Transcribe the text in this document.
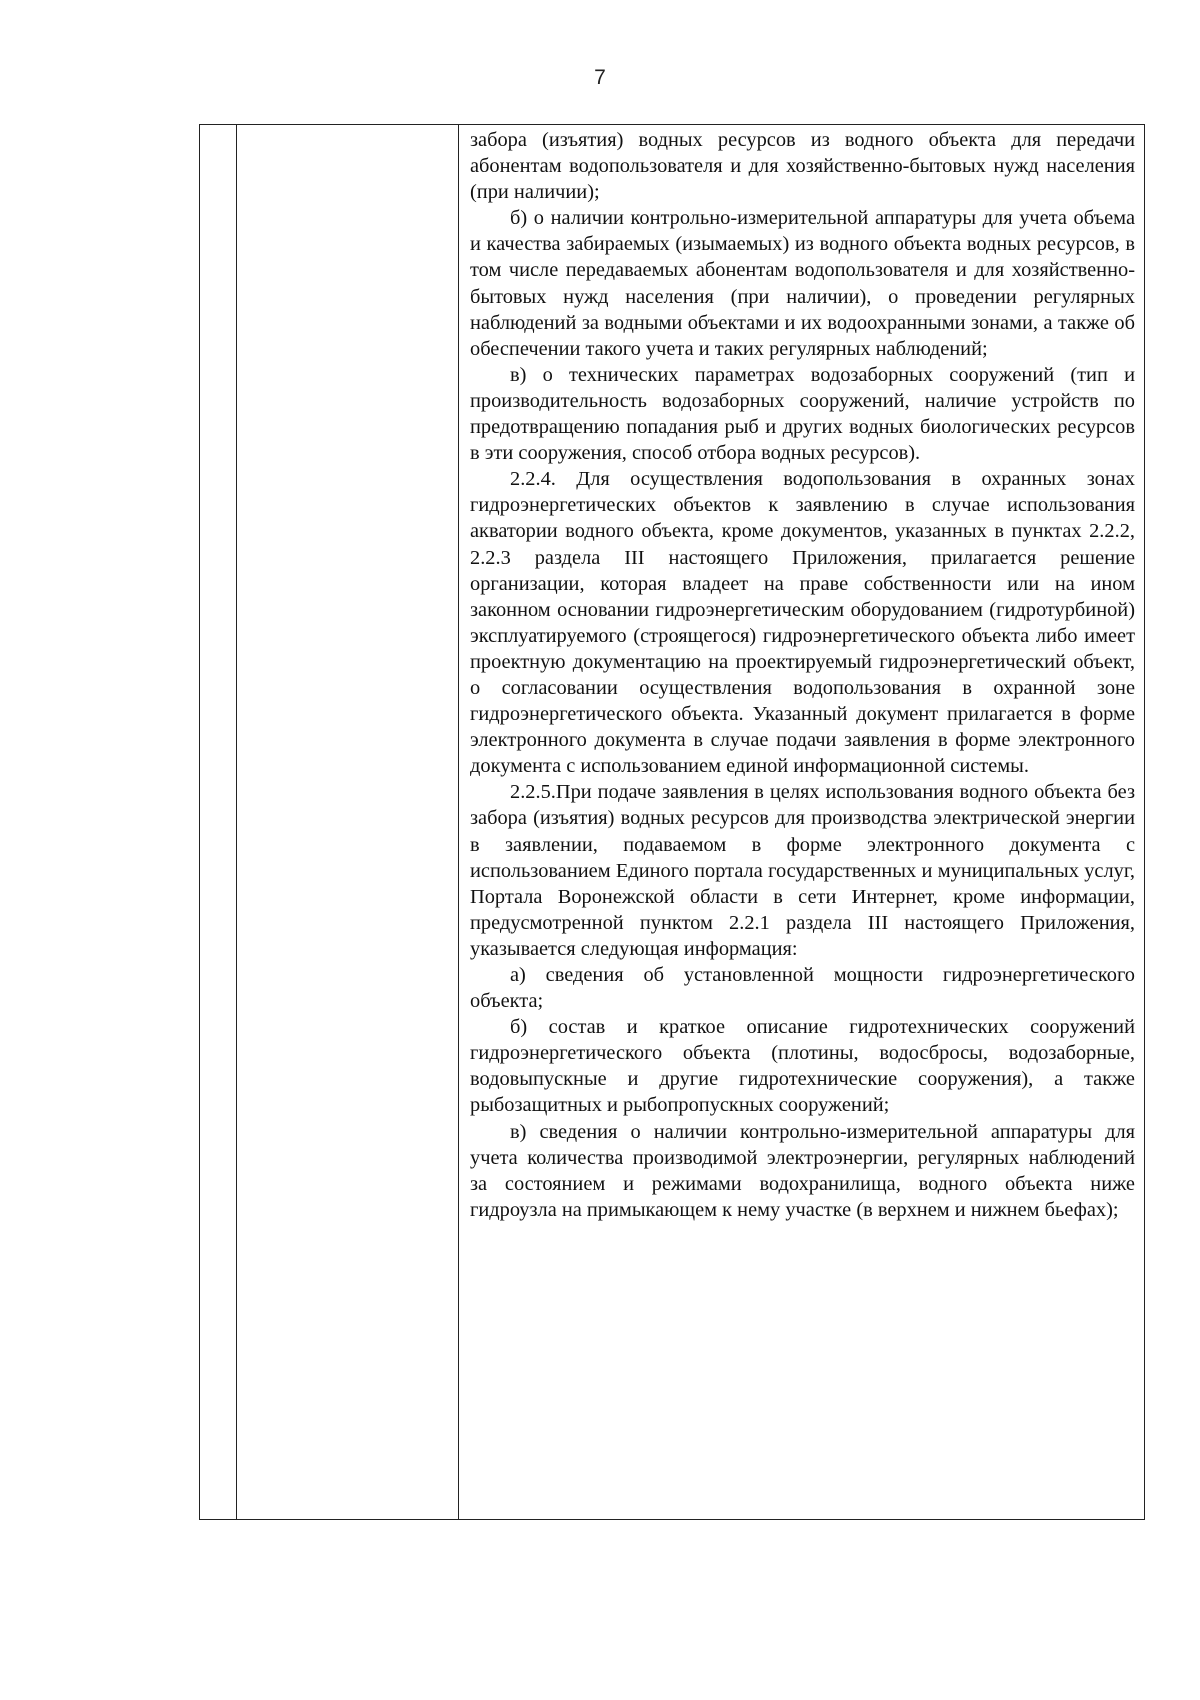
7

забора (изъятия) водных ресурсов из водного объекта для передачи абонентам водопользователя и для хозяйственно-бытовых нужд населения (при наличии);

б) о наличии контрольно-измерительной аппаратуры для учета объема и качества забираемых (изымаемых) из водного объекта водных ресурсов, в том числе передаваемых абонентам водопользователя и для хозяйственно-бытовых нужд населения (при наличии), о проведении регулярных наблюдений за водными объектами и их водоохранными зонами, а также об обеспечении такого учета и таких регулярных наблюдений;

в) о технических параметрах водозаборных сооружений (тип и производительность водозаборных сооружений, наличие устройств по предотвращению попадания рыб и других водных биологических ресурсов в эти сооружения, способ отбора водных ресурсов).

2.2.4. Для осуществления водопользования в охранных зонах гидроэнергетических объектов к заявлению в случае использования акватории водного объекта, кроме документов, указанных в пунктах 2.2.2, 2.2.3 раздела III настоящего Приложения, прилагается решение организации, которая владеет на праве собственности или на ином законном основании гидроэнергетическим оборудованием (гидротурбиной) эксплуатируемого (строящегося) гидроэнергетического объекта либо имеет проектную документацию на проектируемый гидроэнергетический объект, о согласовании осуществления водопользования в охранной зоне гидроэнергетического объекта. Указанный документ прилагается в форме электронного документа в случае подачи заявления в форме электронного документа с использованием единой информационной системы.

2.2.5.При подаче заявления в целях использования водного объекта без забора (изъятия) водных ресурсов для производства электрической энергии в заявлении, подаваемом в форме электронного документа с использованием Единого портала государственных и муниципальных услуг, Портала Воронежской области в сети Интернет, кроме информации, предусмотренной пунктом 2.2.1 раздела III настоящего Приложения, указывается следующая информация:

а) сведения об установленной мощности гидроэнергетического объекта;

б) состав и краткое описание гидротехнических сооружений гидроэнергетического объекта (плотины, водосбросы, водозаборные, водовыпускные и другие гидротехнические сооружения), а также рыбозащитных и рыбопропускных сооружений;

в) сведения о наличии контрольно-измерительной аппаратуры для учета количества производимой электроэнергии, регулярных наблюдений за состоянием и режимами водохранилища, водного объекта ниже гидроузла на примыкающем к нему участке (в верхнем и нижнем бьефах);
